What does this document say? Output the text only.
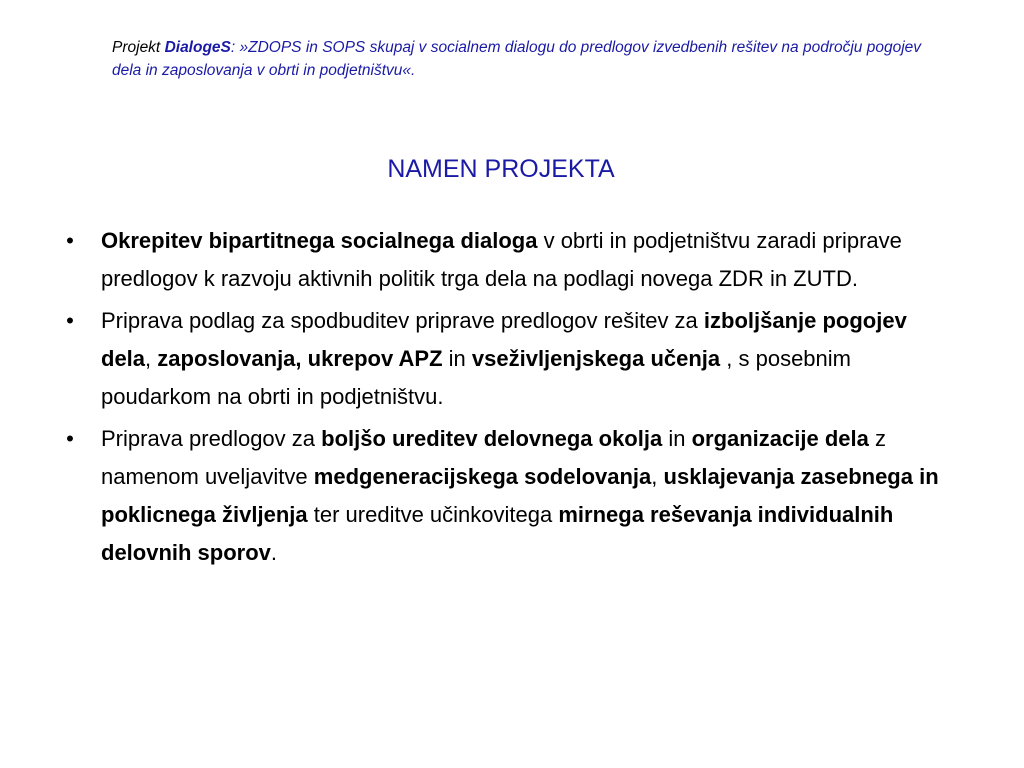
Projekt DialogeS: »ZDOPS in SOPS skupaj v socialnem dialogu do predlogov izvedbenih rešitev na področju pogojev dela in zaposlovanja v obrti in podjetništvu«.
NAMEN PROJEKTA
• Okrepitev bipartitnega socialnega dialoga v obrti in podjetništvu zaradi priprave predlogov k razvoju aktivnih politik trga dela na podlagi novega ZDR in ZUTD.
• Priprava podlag za spodbuditev priprave predlogov rešitev za izboljšanje pogojev dela, zaposlovanja, ukrepov APZ in vseživljenjskega učenja , s posebnim poudarkom na obrti in podjetništvu.
• Priprava predlogov za boljšo ureditev delovnega okolja in organizacije dela z namenom uveljavitve medgeneracijskega sodelovanja, usklajevanja zasebnega in poklicnega življenja ter ureditve učinkovitega mirnega reševanja individualnih delovnih sporov.
